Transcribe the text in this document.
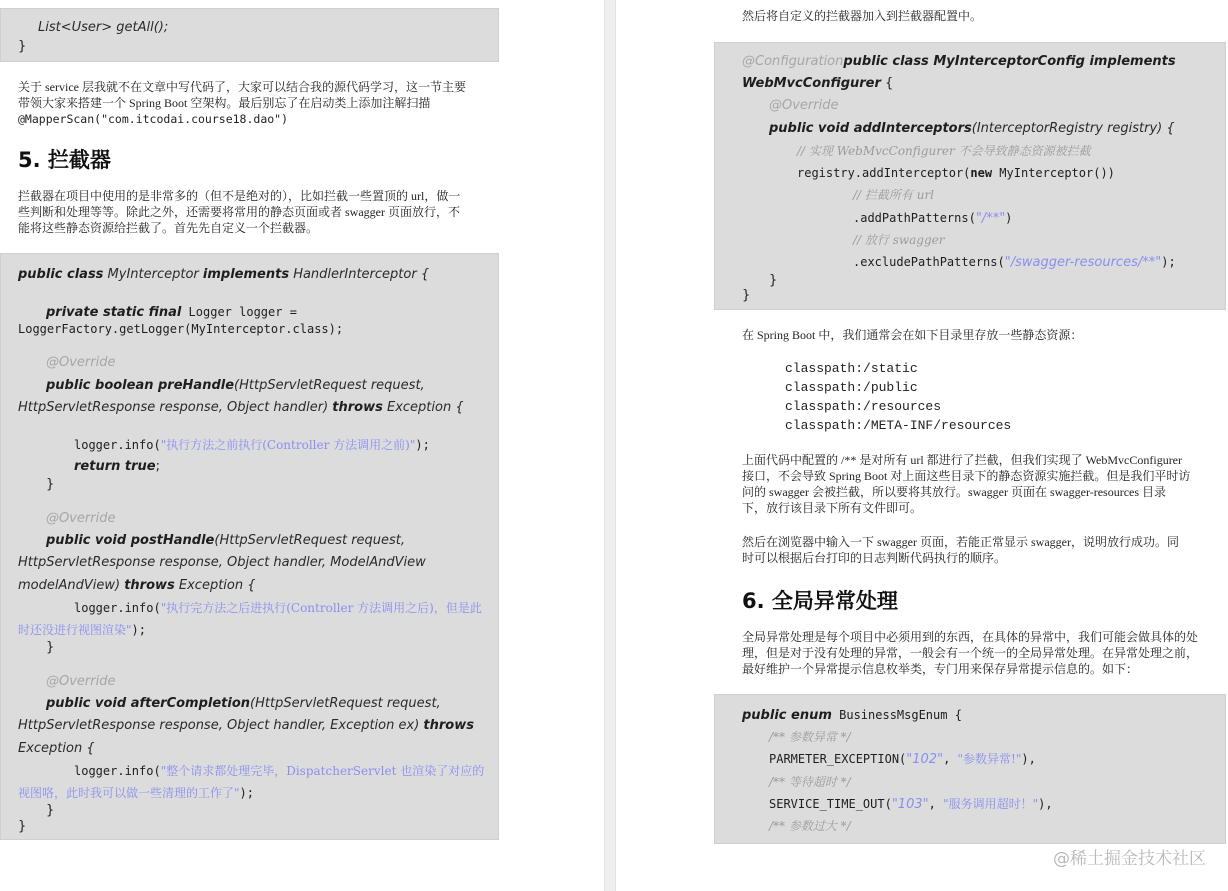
List<User> getAll();
}
关于 service 层我就不在文章中写代码了，大家可以结合我的源代码学习，这一节主要
带领大家来搭建一个 Spring Boot 空架构。最后别忘了在启动类上添加注解扫描
@MapperScan("com.itcodai.course18.dao")
5. 拦截器
拦截器在项目中使用的是非常多的（但不是绝对的），比如拦截一些置顶的 url，做一
些判断和处理等等。除此之外，还需要将常用的静态页面或者 swagger 页面放行，不
能将这些静态资源给拦截了。首先先自定义一个拦截器。
public class MyInterceptor implements HandlerInterceptor {
private static final Logger logger =
LoggerFactory.getLogger(MyInterceptor.class);
@Override
public boolean preHandle(HttpServletRequest request,
HttpServletResponse response, Object handler) throws Exception {
logger.info("执行方法之前执行(Controller 方法调用之前)");
return true;
}
@Override
public void postHandle(HttpServletRequest request,
HttpServletResponse response, Object handler, ModelAndView
modelAndView) throws Exception {
logger.info("执行完方法之后进执行(Controller 方法调用之后)，但是此
时还没进行视图渲染");
}
@Override
public void afterCompletion(HttpServletRequest request,
HttpServletResponse response, Object handler, Exception ex) throws
Exception {
logger.info("整个请求都处理完毕，DispatcherServlet 也渲染了对应的
视图咯，此时我可以做一些清理的工作了");
}
}
然后将自定义的拦截器加入到拦截器配置中。
@Configurationpublic class MyInterceptorConfig implements
WebMvcConfigurer {
@Override
public void addInterceptors(InterceptorRegistry registry) {
// 实现 WebMvcConfigurer 不会导致静态资源被拦截
registry.addInterceptor(new MyInterceptor())
// 拦截所有 url
.addPathPatterns("/**")
// 放行 swagger
.excludePathPatterns("/swagger-resources/**");
}
}
在 Spring Boot 中，我们通常会在如下目录里存放一些静态资源：
classpath:/static
classpath:/public
classpath:/resources
classpath:/META-INF/resources
上面代码中配置的 /** 是对所有 url 都进行了拦截，但我们实现了 WebMvcConfigurer
接口，不会导致 Spring Boot 对上面这些目录下的静态资源实施拦截。但是我们平时访
问的 swagger 会被拦截，所以要将其放行。swagger 页面在 swagger-resources 目录
下，放行该目录下所有文件即可。
然后在浏览器中输入一下 swagger 页面，若能正常显示 swagger，说明放行成功。同
时可以根据后台打印的日志判断代码执行的顺序。
6. 全局异常处理
全局异常处理是每个项目中必须用到的东西，在具体的异常中，我们可能会做具体的处
理，但是对于没有处理的异常，一般会有一个统一的全局异常处理。在异常处理之前，
最好维护一个异常提示信息枚举类，专门用来保存异常提示信息的。如下：
public enum BusinessMsgEnum {
/** 参数异常 */
PARMETER_EXCEPTION("102", "参数异常!"),
/** 等待超时 */
SERVICE_TIME_OUT("103", "服务调用超时！"),
/** 参数过大 */
@稀土掘金技术社区
